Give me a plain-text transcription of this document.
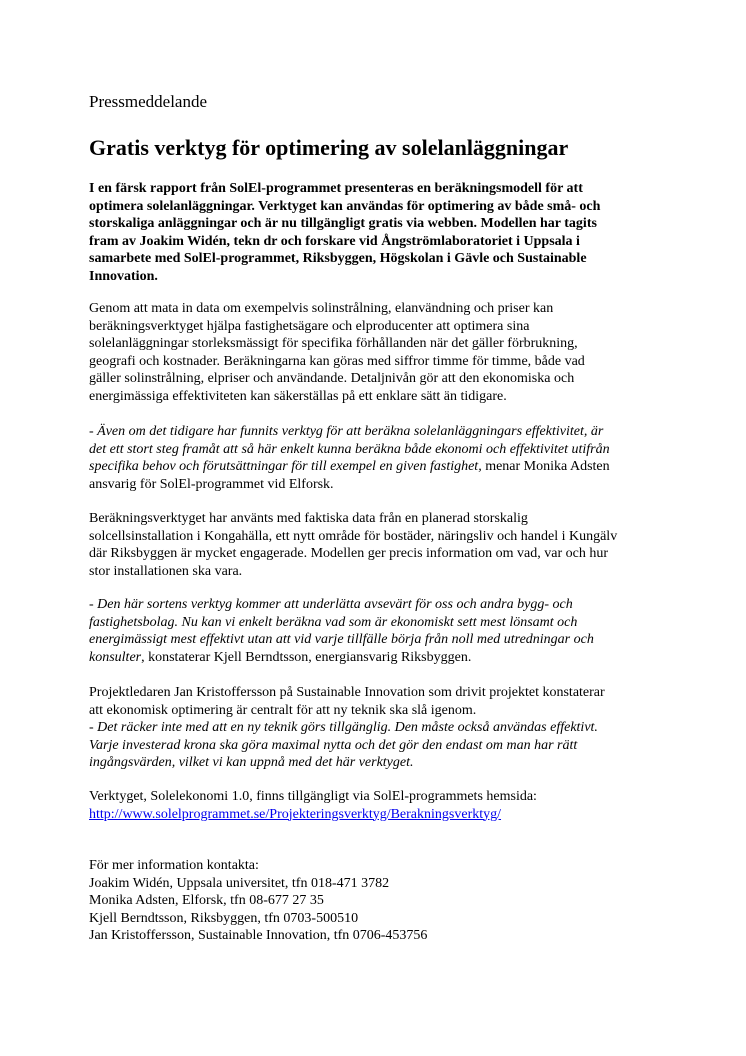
Pressmeddelande
Gratis verktyg för optimering av solelanläggningar
I en färsk rapport från SolEl-programmet presenteras en beräkningsmodell för att
optimera solelanläggningar. Verktyget kan användas för optimering av både små- och
storskaliga anläggningar och är nu tillgängligt gratis via webben. Modellen har tagits
fram av Joakim Widén, tekn dr och forskare vid Ångströmlaboratoriet i Uppsala i
samarbete med SolEl-programmet, Riksbyggen, Högskolan i Gävle och Sustainable
Innovation.
Genom att mata in data om exempelvis solinstrålning, elanvändning och priser kan
beräkningsverktyget hjälpa fastighetsägare och elproducenter att optimera sina
solelanläggningar storleksmässigt för specifika förhållanden när det gäller förbrukning,
geografi och kostnader. Beräkningarna kan göras med siffror timme för timme, både vad
gäller solinstrålning, elpriser och användande. Detaljnivån gör att den ekonomiska och
energimässiga effektiviteten kan säkerställas på ett enklare sätt än tidigare.
- Även om det tidigare har funnits verktyg för att beräkna solelanläggningars effektivitet, är
det ett stort steg framåt att så här enkelt kunna beräkna både ekonomi och effektivitet utifrån
specifika behov och förutsättningar för till exempel en given fastighet, menar Monika Adsten
ansvarig för SolEl-programmet vid Elforsk.
Beräkningsverktyget har använts med faktiska data från en planerad storskalig
solcellsinstallation i Kongahälla, ett nytt område för bostäder, näringsliv och handel i Kungälv
där Riksbyggen är mycket engagerade. Modellen ger precis information om vad, var och hur
stor installationen ska vara.
- Den här sortens verktyg kommer att underlätta avsevärt för oss och andra bygg- och
fastighetsbolag. Nu kan vi enkelt beräkna vad som är ekonomiskt sett mest lönsamt och
energimässigt mest effektivt utan att vid varje tillfälle börja från noll med utredningar och
konsulter, konstaterar Kjell Berndtsson, energiansvarig Riksbyggen.
Projektledaren Jan Kristoffersson på Sustainable Innovation som drivit projektet konstaterar
att ekonomisk optimering är centralt för att ny teknik ska slå igenom.
- Det räcker inte med att en ny teknik görs tillgänglig. Den måste också användas effektivt.
Varje investerad krona ska göra maximal nytta och det gör den endast om man har rätt
ingångsvärden, vilket vi kan uppnå med det här verktyget.
Verktyget, Solelekonomi 1.0, finns tillgängligt via SolEl-programmets hemsida:
http://www.solelprogrammet.se/Projekteringsverktyg/Berakningsverktyg/
För mer information kontakta:
Joakim Widén, Uppsala universitet, tfn 018-471 3782
Monika Adsten, Elforsk, tfn 08-677 27 35
Kjell Berndtsson, Riksbyggen, tfn 0703-500510
Jan Kristoffersson, Sustainable Innovation, tfn 0706-453756
